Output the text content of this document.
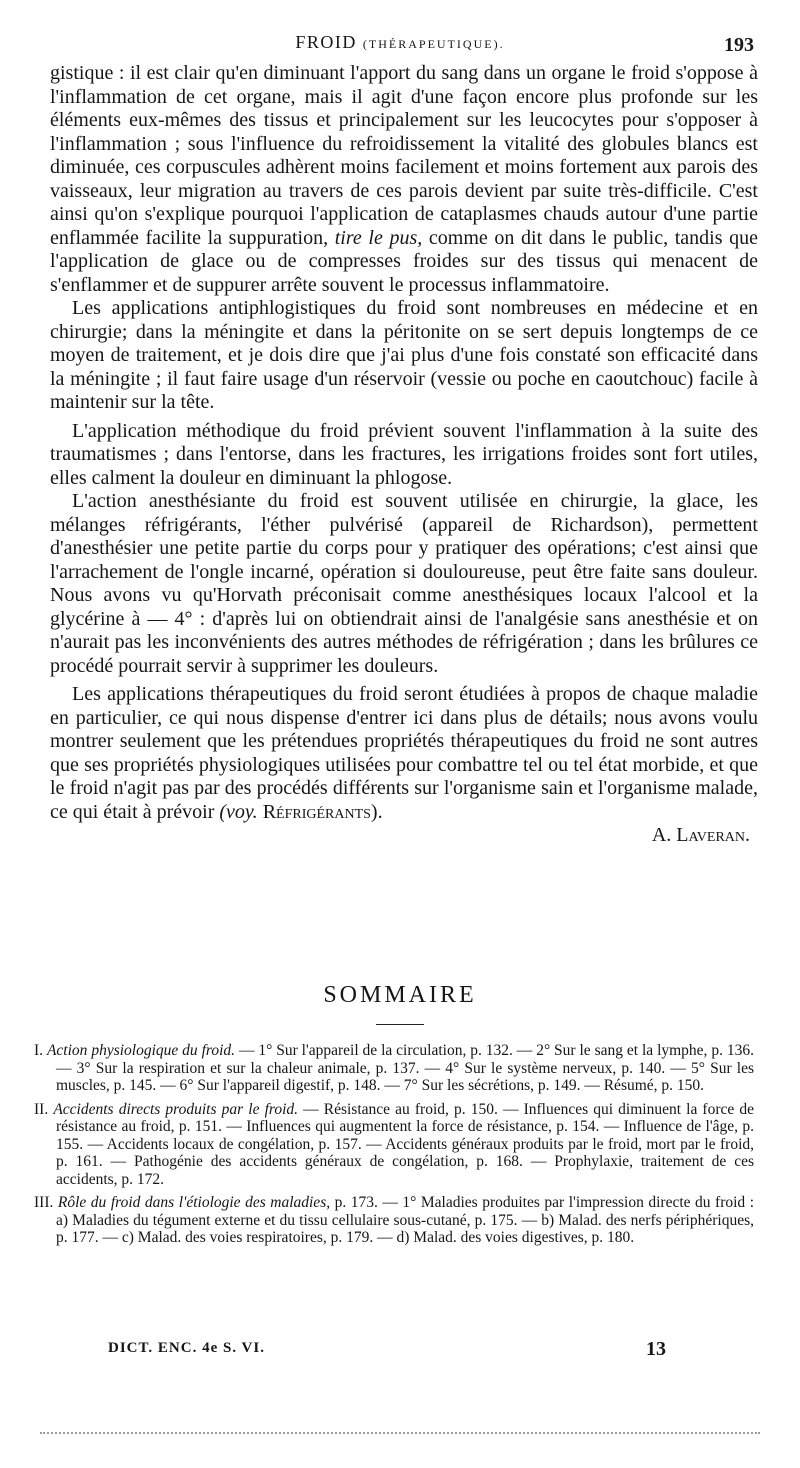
FROID (THÉRAPEUTIQUE).	193

gistique : il est clair qu'en diminuant l'apport du sang dans un organe le froid s'oppose à l'inflammation de cet organe, mais il agit d'une façon encore plus profonde sur les éléments eux-mêmes des tissus et principalement sur les leucocytes pour s'opposer à l'inflammation ; sous l'influence du refroidissement la vitalité des globules blancs est diminuée, ces corpuscules adhèrent moins facilement et moins fortement aux parois des vaisseaux, leur migration au travers de ces parois devient par suite très-difficile. C'est ainsi qu'on s'explique pourquoi l'application de cataplasmes chauds autour d'une partie enflammée facilite la suppuration, tire le pus, comme on dit dans le public, tandis que l'application de glace ou de compresses froides sur des tissus qui menacent de s'enflammer et de suppurer arrête souvent le processus inflammatoire.

Les applications antiphlogistiques du froid sont nombreuses en médecine et en chirurgie; dans la méningite et dans la péritonite on se sert depuis longtemps de ce moyen de traitement, et je dois dire que j'ai plus d'une fois constaté son efficacité dans la méningite ; il faut faire usage d'un réservoir (vessie ou poche en caoutchouc) facile à maintenir sur la tête.

L'application méthodique du froid prévient souvent l'inflammation à la suite des traumatismes ; dans l'entorse, dans les fractures, les irrigations froides sont fort utiles, elles calment la douleur en diminuant la phlogose.

L'action anesthésiante du froid est souvent utilisée en chirurgie, la glace, les mélanges réfrigérants, l'éther pulvérisé (appareil de Richardson), permettent d'anesthésier une petite partie du corps pour y pratiquer des opérations; c'est ainsi que l'arrachement de l'ongle incarné, opération si douloureuse, peut être faite sans douleur. Nous avons vu qu'Horvath préconisait comme anesthésiques locaux l'alcool et la glycérine à — 4° : d'après lui on obtiendrait ainsi de l'analgésie sans anesthésie et on n'aurait pas les inconvénients des autres méthodes de réfrigération ; dans les brûlures ce procédé pourrait servir à supprimer les douleurs.

Les applications thérapeutiques du froid seront étudiées à propos de chaque maladie en particulier, ce qui nous dispense d'entrer ici dans plus de détails; nous avons voulu montrer seulement que les prétendues propriétés thérapeutiques du froid ne sont autres que ses propriétés physiologiques utilisées pour combattre tel ou tel état morbide, et que le froid n'agit pas par des procédés différents sur l'organisme sain et l'organisme malade, ce qui était à prévoir (voy. Réfrigérants).

A. Laveran.

SOMMAIRE

I. Action physiologique du froid. — 1° Sur l'appareil de la circulation, p. 132. — 2° Sur le sang et la lymphe, p. 136. — 3° Sur la respiration et sur la chaleur animale, p. 137. — 4° Sur le système nerveux, p. 140. — 5° Sur les muscles, p. 145. — 6° Sur l'appareil digestif, p. 148. — 7° Sur les sécrétions, p. 149. — Résumé, p. 150.

II. Accidents directs produits par le froid. — Résistance au froid, p. 150. — Influences qui diminuent la force de résistance au froid, p. 151. — Influences qui augmentent la force de résistance, p. 154. — Influence de l'âge, p. 155. — Accidents locaux de congélation, p. 157. — Accidents généraux produits par le froid, mort par le froid, p. 161. — Pathogénie des accidents généraux de congélation, p. 168. — Prophylaxie, traitement de ces accidents, p. 172.

III. Rôle du froid dans l'étiologie des maladies, p. 173. — 1° Maladies produites par l'impression directe du froid : a) Maladies du tégument externe et du tissu cellulaire sous-cutané, p. 175. — b) Malad. des nerfs périphériques, p. 177. — c) Malad. des voies respiratoires, p. 179. — d) Malad. des voies digestives, p. 180.

DICT. ENC. 4e S. VI.	13
